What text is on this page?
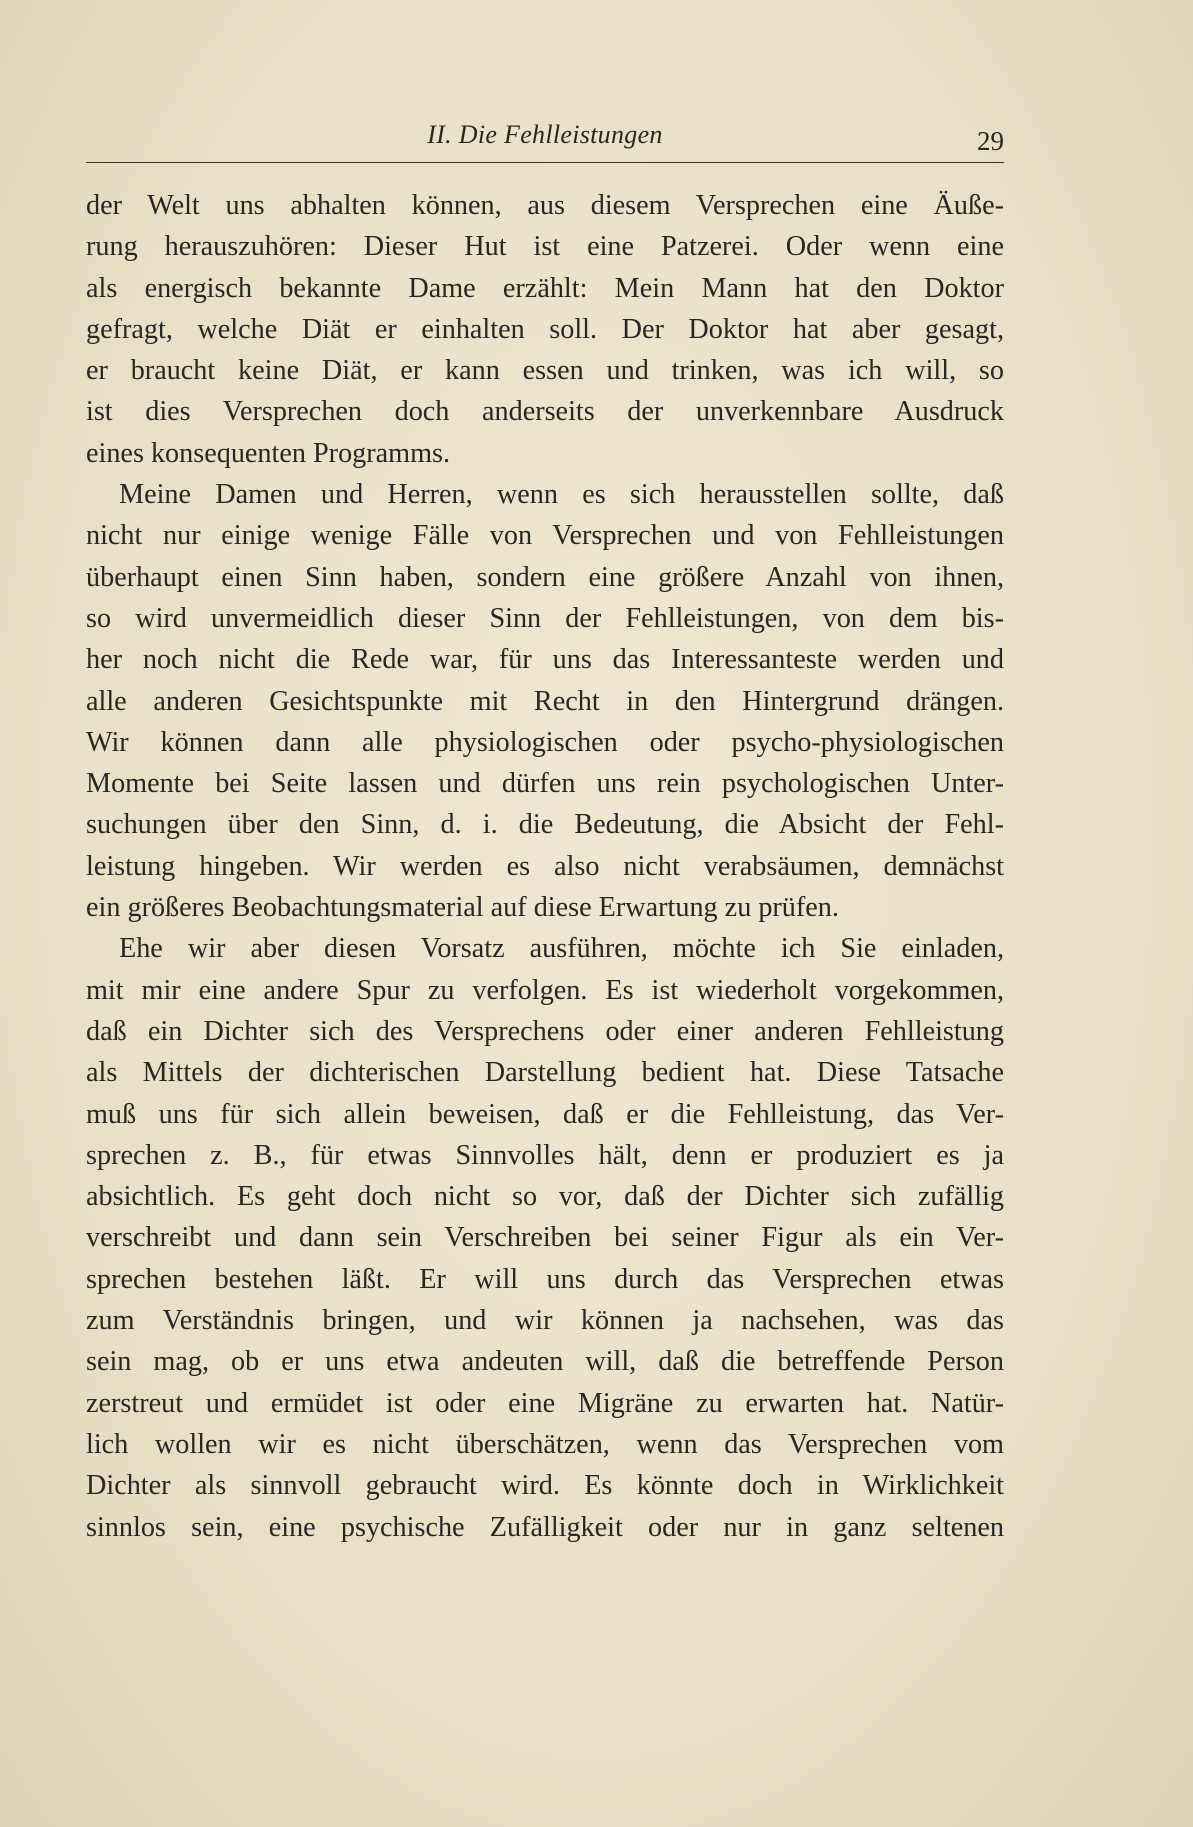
II. Die Fehlleistungen	29
der Welt uns abhalten können, aus diesem Versprechen eine Äuße-
rung herauszuhören: Dieser Hut ist eine Patzerei. Oder wenn eine
als energisch bekannte Dame erzählt: Mein Mann hat den Doktor
gefragt, welche Diät er einhalten soll. Der Doktor hat aber gesagt,
er braucht keine Diät, er kann essen und trinken, was ich will, so
ist dies Versprechen doch anderseits der unverkennbare Ausdruck
eines konsequenten Programms.
Meine Damen und Herren, wenn es sich herausstellen sollte, daß
nicht nur einige wenige Fälle von Versprechen und von Fehlleistungen
überhaupt einen Sinn haben, sondern eine größere Anzahl von ihnen,
so wird unvermeidlich dieser Sinn der Fehlleistungen, von dem bis-
her noch nicht die Rede war, für uns das Interessanteste werden und
alle anderen Gesichtspunkte mit Recht in den Hintergrund drängen.
Wir können dann alle physiologischen oder psycho-physiologischen
Momente bei Seite lassen und dürfen uns rein psychologischen Unter-
suchungen über den Sinn, d. i. die Bedeutung, die Absicht der Fehl-
leistung hingeben. Wir werden es also nicht verabsäumen, demnächst
ein größeres Beobachtungsmaterial auf diese Erwartung zu prüfen.
Ehe wir aber diesen Vorsatz ausführen, möchte ich Sie einladen,
mit mir eine andere Spur zu verfolgen. Es ist wiederholt vorgekommen,
daß ein Dichter sich des Versprechens oder einer anderen Fehlleistung
als Mittels der dichterischen Darstellung bedient hat. Diese Tatsache
muß uns für sich allein beweisen, daß er die Fehlleistung, das Ver-
sprechen z. B., für etwas Sinnvolles hält, denn er produziert es ja
absichtlich. Es geht doch nicht so vor, daß der Dichter sich zufällig
verschreibt und dann sein Verschreiben bei seiner Figur als ein Ver-
sprechen bestehen läßt. Er will uns durch das Versprechen etwas
zum Verständnis bringen, und wir können ja nachsehen, was das
sein mag, ob er uns etwa andeuten will, daß die betreffende Person
zerstreut und ermüdet ist oder eine Migräne zu erwarten hat. Natür-
lich wollen wir es nicht überschätzen, wenn das Versprechen vom
Dichter als sinnvoll gebraucht wird. Es könnte doch in Wirklichkeit
sinnlos sein, eine psychische Zufälligkeit oder nur in ganz seltenen
